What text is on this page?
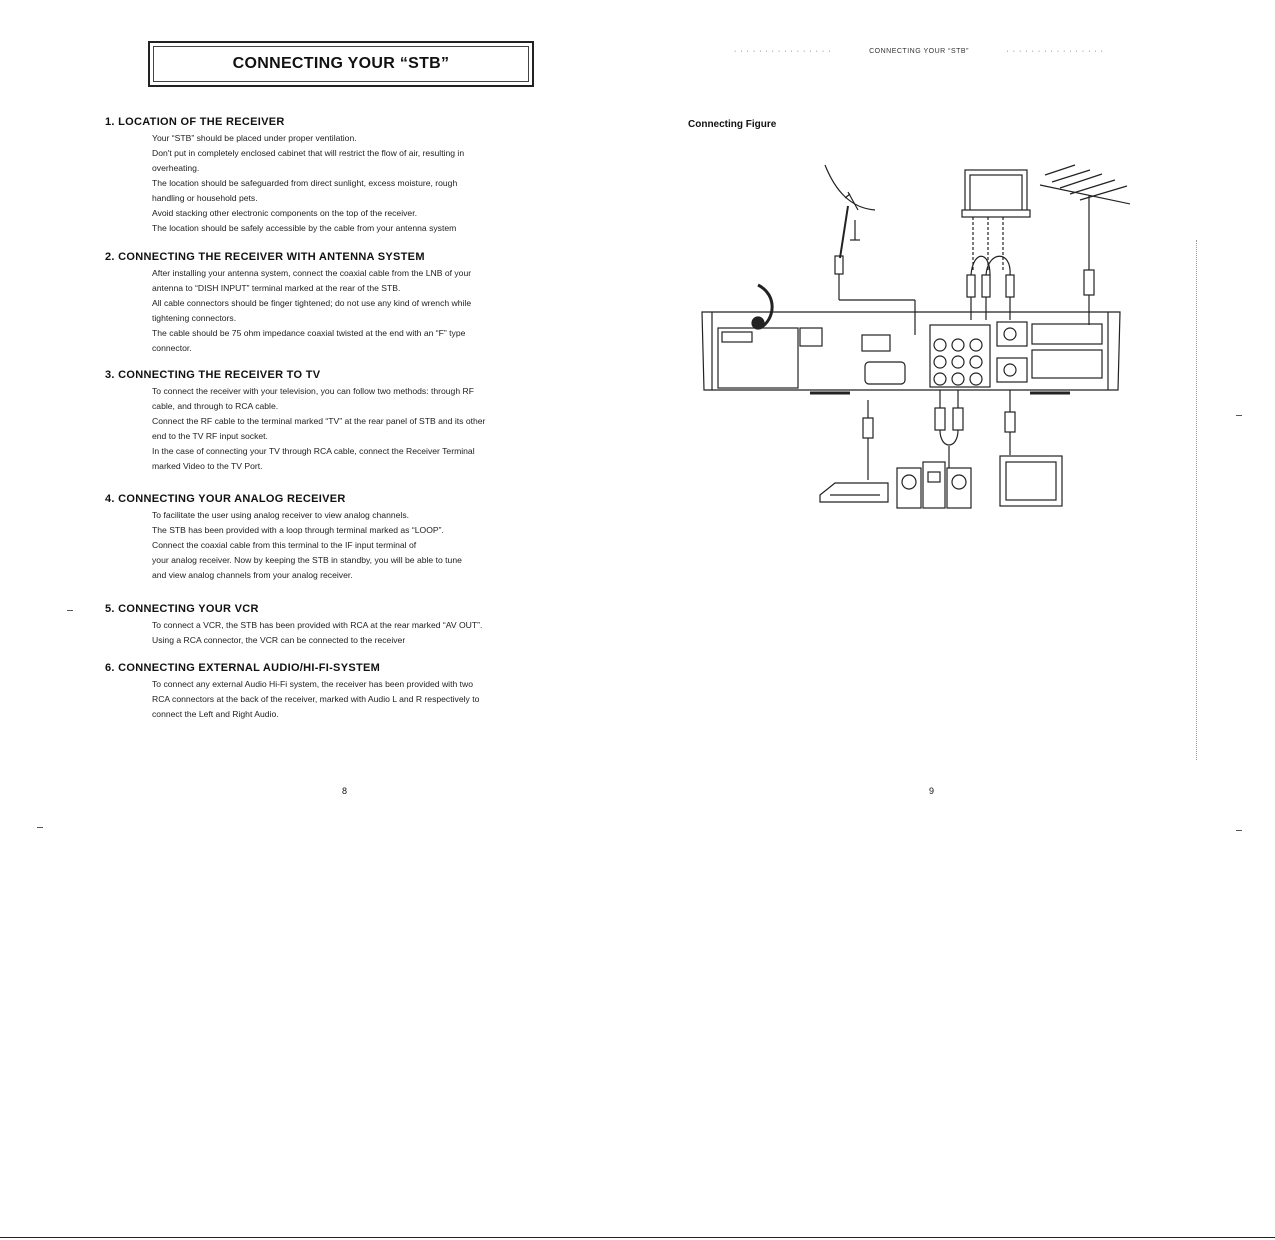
CONNECTING YOUR “STB”
· · · · · · · · · · · · · · · ·	CONNECTING YOUR “STB”	· · · · · · · · · · · · · · · ·
1. LOCATION OF THE RECEIVER
Your “STB” should be placed under proper ventilation.
Don't put in completely enclosed cabinet that will restrict the flow of air, resulting in
overheating.
The location should be safeguarded from direct sunlight, excess moisture, rough
handling or household pets.
Avoid stacking other electronic components on the top of the receiver.
The location should be safely accessible by the cable from your antenna system
2. CONNECTING THE RECEIVER WITH ANTENNA SYSTEM
After installing your antenna system, connect the coaxial cable from the LNB of your
antenna to “DISH INPUT” terminal marked at the rear of the STB.
All cable connectors should be finger tightened; do not use any kind of wrench while
tightening connectors.
The cable should be 75 ohm impedance coaxial twisted at the end with an “F” type
connector.
3. CONNECTING THE RECEIVER TO TV
To connect the receiver with your television, you can follow two methods: through RF
cable, and through to RCA cable.
Connect the RF cable to the terminal marked “TV” at the rear panel of STB and its other
end to the TV RF input socket.
In the case of connecting your TV through RCA cable, connect the Receiver Terminal
marked Video to the TV Port.
4. CONNECTING YOUR ANALOG RECEIVER
To facilitate the user using analog receiver to view analog channels.
The STB has been provided with a loop through terminal marked as “LOOP”.
Connect the coaxial cable from this terminal to the IF input terminal of
your analog receiver. Now by keeping the STB in standby, you will be able to tune
and view analog channels from your analog receiver.
5. CONNECTING YOUR VCR
To connect a VCR, the STB has been provided with RCA at the rear marked “AV OUT”.
Using a RCA connector, the VCR can be connected to the receiver
6. CONNECTING EXTERNAL AUDIO/HI-FI-SYSTEM
To connect any external Audio Hi-Fi system, the receiver has been provided with two
RCA connectors at the back of the receiver, marked with Audio L and R respectively to
connect the Left and Right Audio.
8	9
Connecting Figure
